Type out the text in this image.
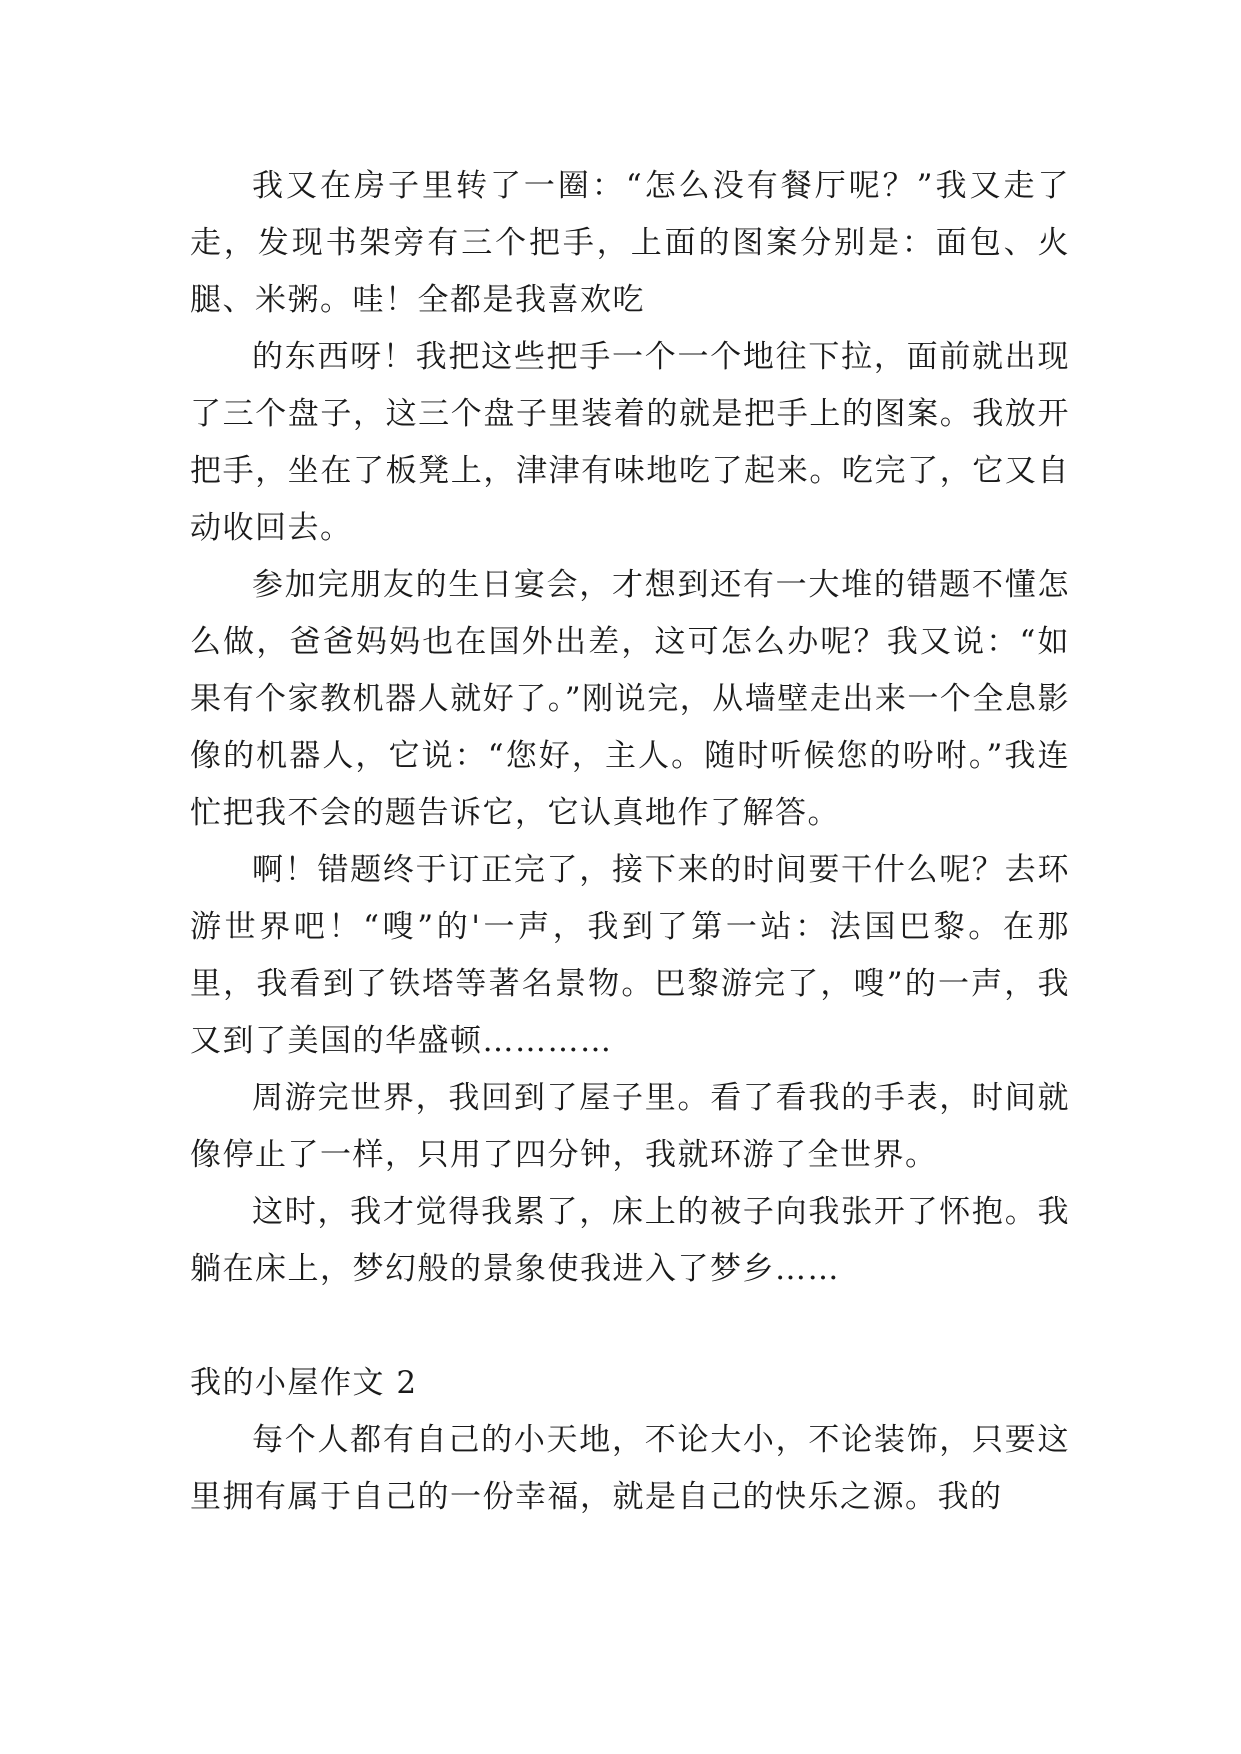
我又在房子里转了一圈：“怎么没有餐厅呢？”我又走了走，发现书架旁有三个把手，上面的图案分别是：面包、火腿、米粥。哇！全都是我喜欢吃

的东西呀！我把这些把手一个一个地往下拉，面前就出现了三个盘子，这三个盘子里装着的就是把手上的图案。我放开把手，坐在了板凳上，津津有味地吃了起来。吃完了，它又自动收回去。

参加完朋友的生日宴会，才想到还有一大堆的错题不懂怎么做，爸爸妈妈也在国外出差，这可怎么办呢？我又说：“如果有个家教机器人就好了。”刚说完，从墙壁走出来一个全息影像的机器人，它说：“您好，主人。随时听候您的吩咐。”我连忙把我不会的题告诉它，它认真地作了解答。

啊！错题终于订正完了，接下来的时间要干什么呢？去环游世界吧！“嗖”的'一声，我到了第一站：法国巴黎。在那里，我看到了铁塔等著名景物。巴黎游完了，嗖”的一声，我又到了美国的华盛顿…………

周游完世界，我回到了屋子里。看了看我的手表，时间就像停止了一样，只用了四分钟，我就环游了全世界。

这时，我才觉得我累了，床上的被子向我张开了怀抱。我躺在床上，梦幻般的景象使我进入了梦乡……

我的小屋作文 2

每个人都有自己的小天地，不论大小，不论装饰，只要这里拥有属于自己的一份幸福，就是自己的快乐之源。我的
